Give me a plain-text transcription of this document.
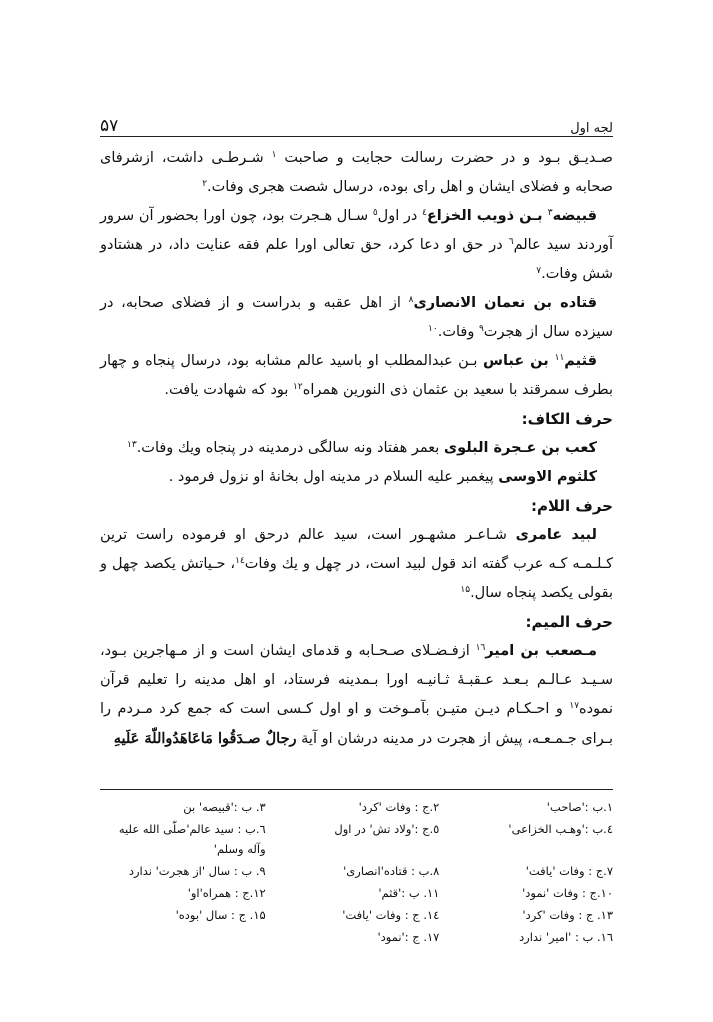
لجه اول
۵۷

صـديـق بـود و در حضرت رسالت حجابت و صاحبت $^۱$ شـرطـی داشت، ازشرفای صحابه و فضلای ایشان و اهل رای بوده، درسال شصت هجری وفات.$^۲$

قبیضه$^۳$ بـن ذويب الخزاع$^٤$ در اول$^٥$ سـال هـجرت بود، چون اورا بحضور آن سرور آوردند سید عالم$^٦$ در حق او دعا کرد، حق تعالی اورا علم فقه عنایت داد، در هشتادو شش وفات.$^۷$

قتاده بن نعمان الانصاری$^۸$ از اهل عقبه و بدراست و از فضلای صحابه، در سیزده سال از هجرت$^۹$ وفات.$^{۱۰}$

قثیم$^{۱۱}$ بن عباس بـن عبدالمطلب او باسید عالم مشابه بود، درسال پنجاه و چهار بطرف سمرقند با سعید بن عثمان ذی النورین همراه$^{۱۲}$ بود که شهادت یافت.

حرف الکاف:

کعب بن عـجرة البلوی بعمر هفتاد ونه سالگی درمدینه در پنجاه ویك وفات.$^{۱۳}$

کلثوم الاوسی پیغمبر علیه السلام در مدینه اول بخانهٔ او نزول فرمود .

حرف اللام:

لبید عامری شـاعـر مشهـور است، سید عالم درحق او فرموده راست ترین کـلـمـه کـه عرب گفته اند قول لبید است، در چهل و یك وفات$^{۱٤}$، حـیاتش یکصد چهل و بقولی یکصد پنجاه سال.$^{۱۵}$

حرف المیم:

مـصعب بن امیر$^{۱٦}$ ازفـضـلای صـحـابه و قدمای ایشان است و از مـهاجرین بـود، سـیـد عـالـم بـعـد عـقبـهٔ ثـانیـه اورا بـمدینه فرستاد، او اهل مدینه را تعلیم قرآن نموده$^{۱۷}$ و احـکـام دیـن متیـن بآمـوخت و او اول کـسی است که جمع کرد مـردم را بـرای جـمـعـه، پیش از هجرت در مدینه درشان او آیة رجالٌ صـدَقُوا مَاعَاهَدُواللّهَ عَلَيهِ

۱.ب :'صاحب'
۲.ج : وفات 'کرد'
۳. ب :'قبیصه' بن
٤.ب :'وهـب الخزاعی'
٥.ج :'ولاد تش' در اول
٦.ب : سید عالم'صلّی الله علیه وآله وسلم'
۷.ج : وفات 'یافت'
۸.ب : قتاده'انصاری'
۹. ب : سال 'از هجرت' ندارد
۱۰.ج : وفات 'نمود'
۱۱. ب :'قثم'
۱۲.ج : همراه'او'
۱۳. ج : وفات 'کرد'
۱٤. ج : وفات 'یافت'
۱۵. ج : سال 'بوده'
۱٦. ب : 'امیر' ندارد
۱۷. ج :'نمود'
